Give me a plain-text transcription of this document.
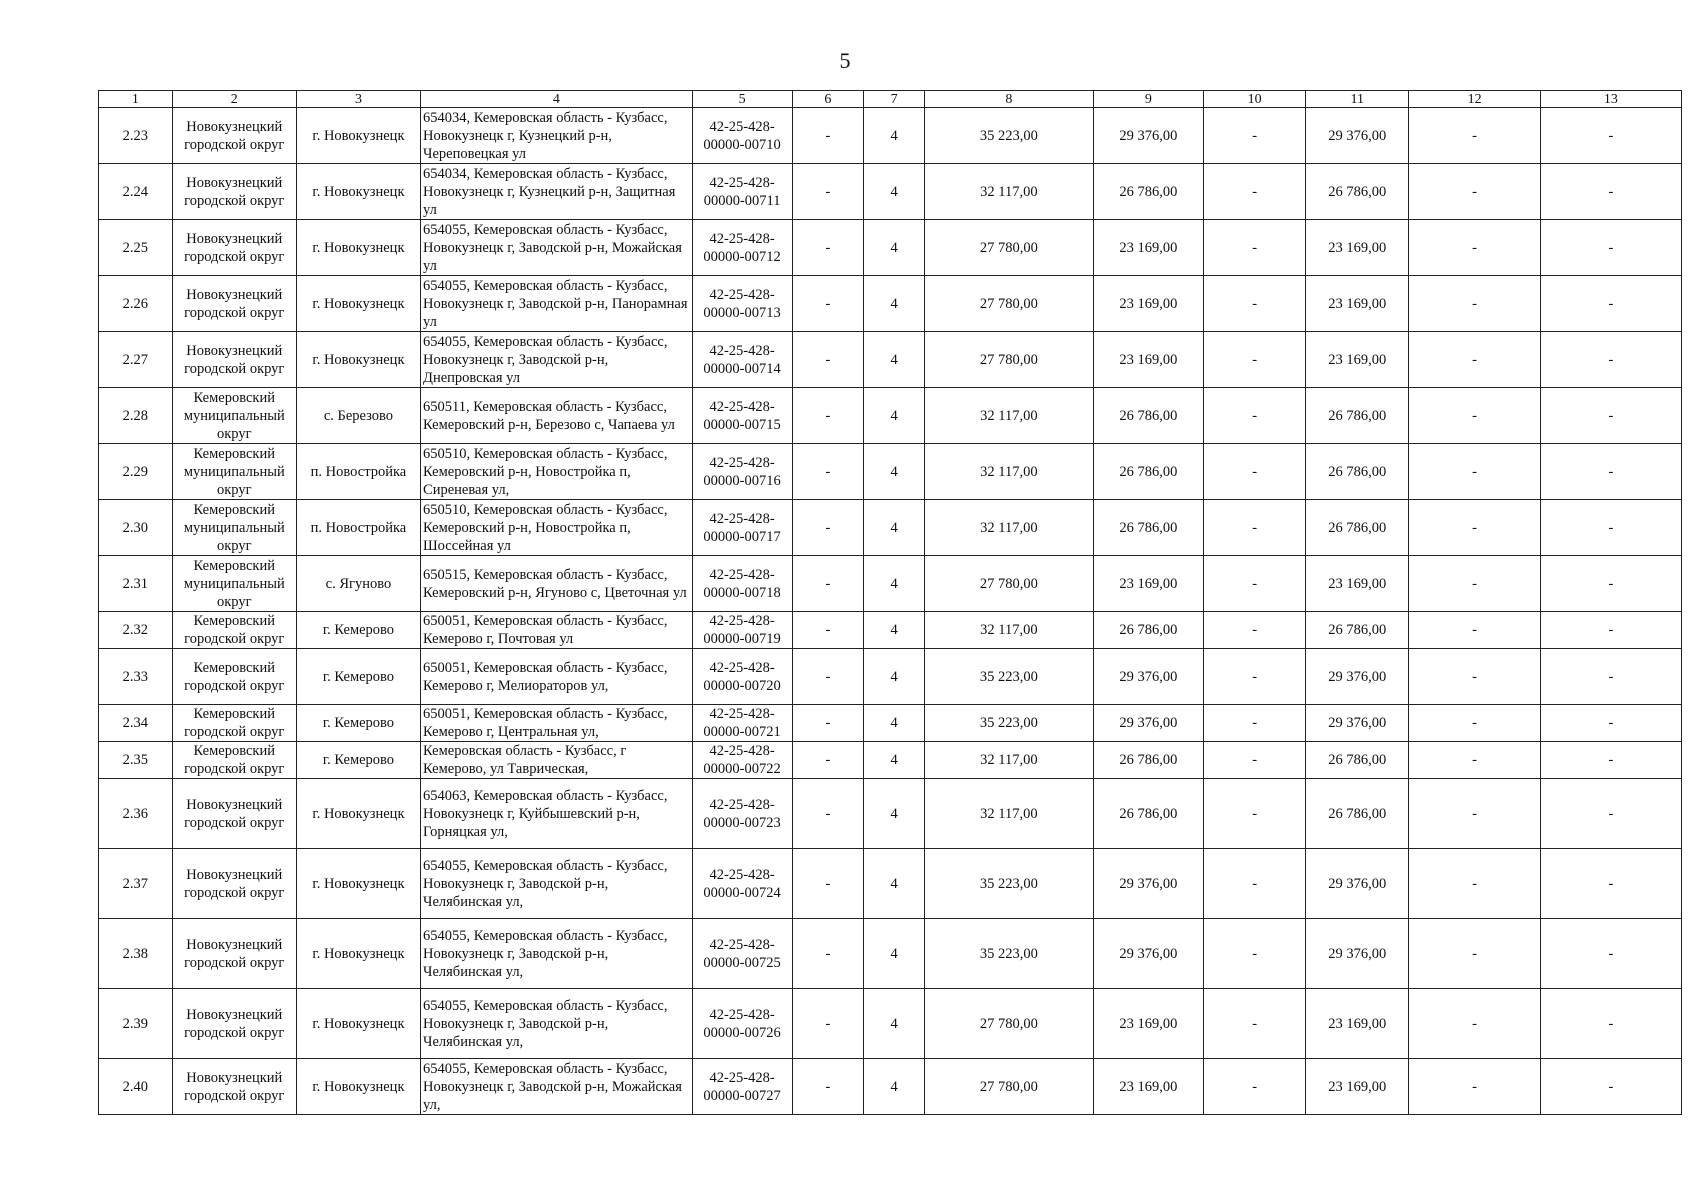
5
1	2	3	4	5	6	7	8	9	10	11	12	13
2.23	Новокузнецкий городской округ	г. Новокузнецк	654034, Кемеровская область - Кузбасс, Новокузнецк г, Кузнецкий р-н, Череповецкая ул	42-25-428-00000-00710	-	4	35 223,00	29 376,00	-	29 376,00	-	-
2.24	Новокузнецкий городской округ	г. Новокузнецк	654034, Кемеровская область - Кузбасс, Новокузнецк г, Кузнецкий р-н, Защитная ул	42-25-428-00000-00711	-	4	32 117,00	26 786,00	-	26 786,00	-	-
2.25	Новокузнецкий городской округ	г. Новокузнецк	654055, Кемеровская область - Кузбасс, Новокузнецк г, Заводской р-н, Можайская ул	42-25-428-00000-00712	-	4	27 780,00	23 169,00	-	23 169,00	-	-
2.26	Новокузнецкий городской округ	г. Новокузнецк	654055, Кемеровская область - Кузбасс, Новокузнецк г, Заводской р-н, Панорамная ул	42-25-428-00000-00713	-	4	27 780,00	23 169,00	-	23 169,00	-	-
2.27	Новокузнецкий городской округ	г. Новокузнецк	654055, Кемеровская область - Кузбасс, Новокузнецк г, Заводской р-н, Днепровская ул	42-25-428-00000-00714	-	4	27 780,00	23 169,00	-	23 169,00	-	-
2.28	Кемеровский муниципальный округ	с. Березово	650511, Кемеровская область - Кузбасс, Кемеровский р-н, Березово с, Чапаева ул	42-25-428-00000-00715	-	4	32 117,00	26 786,00	-	26 786,00	-	-
2.29	Кемеровский муниципальный округ	п. Новостройка	650510, Кемеровская область - Кузбасс, Кемеровский р-н, Новостройка п, Сиреневая ул,	42-25-428-00000-00716	-	4	32 117,00	26 786,00	-	26 786,00	-	-
2.30	Кемеровский муниципальный округ	п. Новостройка	650510, Кемеровская область - Кузбасс, Кемеровский р-н, Новостройка п, Шоссейная ул	42-25-428-00000-00717	-	4	32 117,00	26 786,00	-	26 786,00	-	-
2.31	Кемеровский муниципальный округ	с. Ягуново	650515, Кемеровская область - Кузбасс, Кемеровский р-н, Ягуново с, Цветочная ул	42-25-428-00000-00718	-	4	27 780,00	23 169,00	-	23 169,00	-	-
2.32	Кемеровский городской округ	г. Кемерово	650051, Кемеровская область - Кузбасс, Кемерово г, Почтовая ул	42-25-428-00000-00719	-	4	32 117,00	26 786,00	-	26 786,00	-	-
2.33	Кемеровский городской округ	г. Кемерово	650051, Кемеровская область - Кузбасс, Кемерово г, Мелиораторов ул,	42-25-428-00000-00720	-	4	35 223,00	29 376,00	-	29 376,00	-	-
2.34	Кемеровский городской округ	г. Кемерово	650051, Кемеровская область - Кузбасс, Кемерово г, Центральная ул,	42-25-428-00000-00721	-	4	35 223,00	29 376,00	-	29 376,00	-	-
2.35	Кемеровский городской округ	г. Кемерово	Кемеровская область - Кузбасс, г Кемерово, ул Таврическая,	42-25-428-00000-00722	-	4	32 117,00	26 786,00	-	26 786,00	-	-
2.36	Новокузнецкий городской округ	г. Новокузнецк	654063, Кемеровская область - Кузбасс, Новокузнецк г, Куйбышевский р-н, Горняцкая ул,	42-25-428-00000-00723	-	4	32 117,00	26 786,00	-	26 786,00	-	-
2.37	Новокузнецкий городской округ	г. Новокузнецк	654055, Кемеровская область - Кузбасс, Новокузнецк г, Заводской р-н, Челябинская ул,	42-25-428-00000-00724	-	4	35 223,00	29 376,00	-	29 376,00	-	-
2.38	Новокузнецкий городской округ	г. Новокузнецк	654055, Кемеровская область - Кузбасс, Новокузнецк г, Заводской р-н, Челябинская ул,	42-25-428-00000-00725	-	4	35 223,00	29 376,00	-	29 376,00	-	-
2.39	Новокузнецкий городской округ	г. Новокузнецк	654055, Кемеровская область - Кузбасс, Новокузнецк г, Заводской р-н, Челябинская ул,	42-25-428-00000-00726	-	4	27 780,00	23 169,00	-	23 169,00	-	-
2.40	Новокузнецкий городской округ	г. Новокузнецк	654055, Кемеровская область - Кузбасс, Новокузнецк г, Заводской р-н, Можайская ул,	42-25-428-00000-00727	-	4	27 780,00	23 169,00	-	23 169,00	-	-
